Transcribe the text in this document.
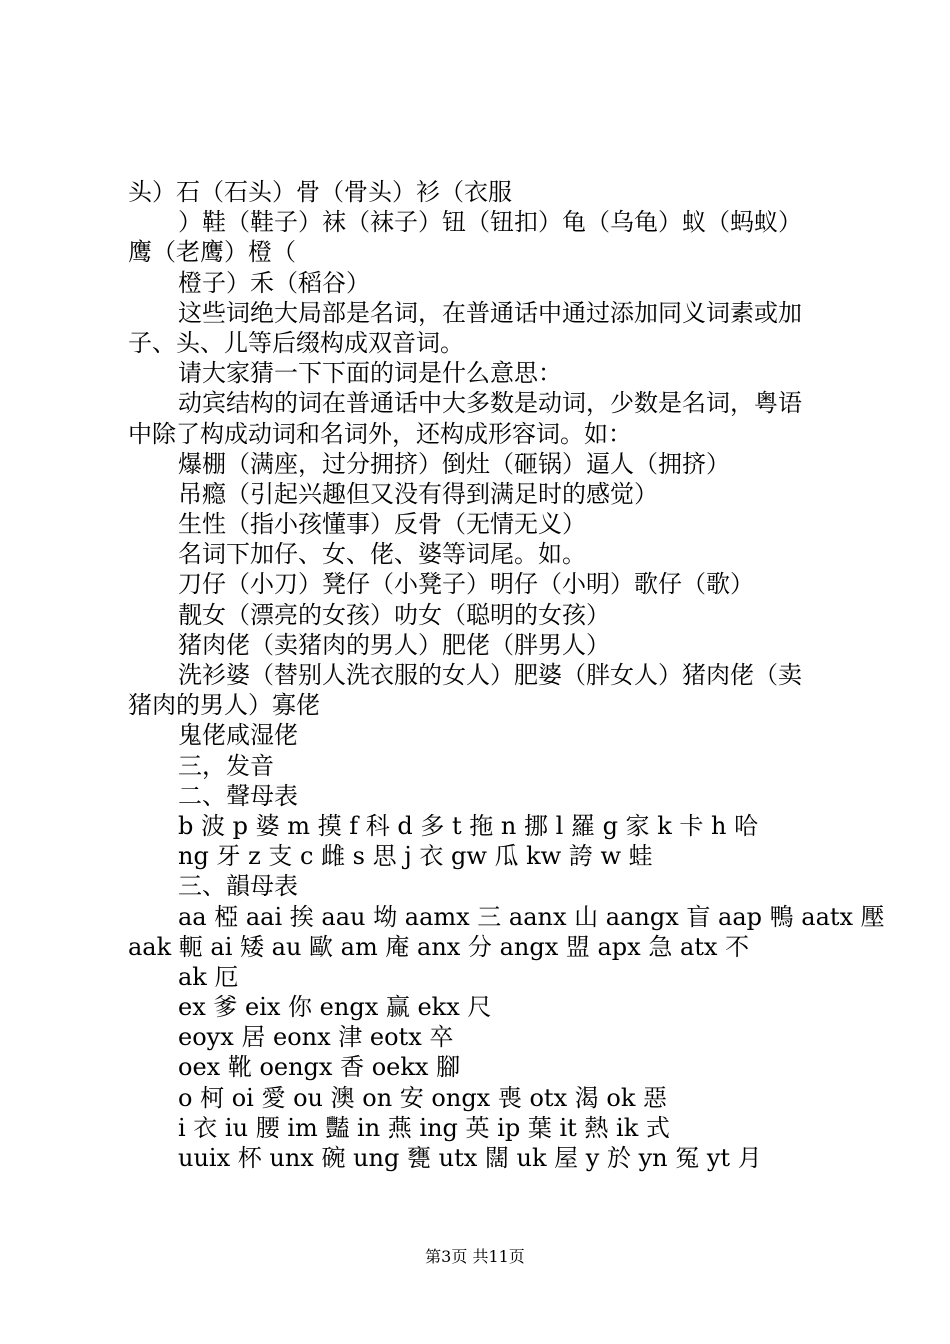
头）石（石头）骨（骨头）衫（衣服
）鞋（鞋子）袜（袜子）钮（钮扣）龟（乌龟）蚁（蚂蚁）
鹰（老鹰）橙（
橙子）禾（稻谷）
这些词绝大局部是名词，在普通话中通过添加同义词素或加
子、头、儿等后缀构成双音词。
请大家猜一下下面的词是什么意思：
动宾结构的词在普通话中大多数是动词，少数是名词，粤语
中除了构成动词和名词外，还构成形容词。如：
爆棚（满座，过分拥挤）倒灶（砸锅）逼人（拥挤）
吊瘾（引起兴趣但又没有得到满足时的感觉）
生性（指小孩懂事）反骨（无情无义）
名词下加仔、女、佬、婆等词尾。如。
刀仔（小刀）凳仔（小凳子）明仔（小明）歌仔（歌）
靓女（漂亮的女孩）叻女（聪明的女孩）
猪肉佬（卖猪肉的男人）肥佬（胖男人）
洗衫婆（替别人洗衣服的女人）肥婆（胖女人）猪肉佬（卖
猪肉的男人）寡佬
鬼佬咸湿佬
三，发音
二、聲母表
b 波 p 婆 m 摸 f 科 d 多 t 拖 n 挪 l 羅 g 家 k 卡 h 哈
ng 牙 z 支 c 雌 s 思 j 衣 gw 瓜 kw 誇 w 蛙
三、韻母表
aa 椏 aai 挨 aau 坳 aamx 三 aanx 山 aangx 盲 aap 鴨 aatx 壓
aak 軛 ai 矮 au 歐 am 庵 anx 分 angx 盟 apx 急 atx 不
ak 厄
ex 爹 eix 你 engx 赢 ekx 尺
eoyx 居 eonx 津 eotx 卒
oex 靴 oengx 香 oekx 腳
o 柯 oi 愛 ou 澳 on 安 ongx 喪 otx 渴 ok 惡
i 衣 iu 腰 im 豔 in 燕 ing 英 ip 葉 it 熱 ik 式
uuix 杯 unx 碗 ung 甕 utx 闊 uk 屋 y 於 yn 冤 yt 月
第3页 共11页
